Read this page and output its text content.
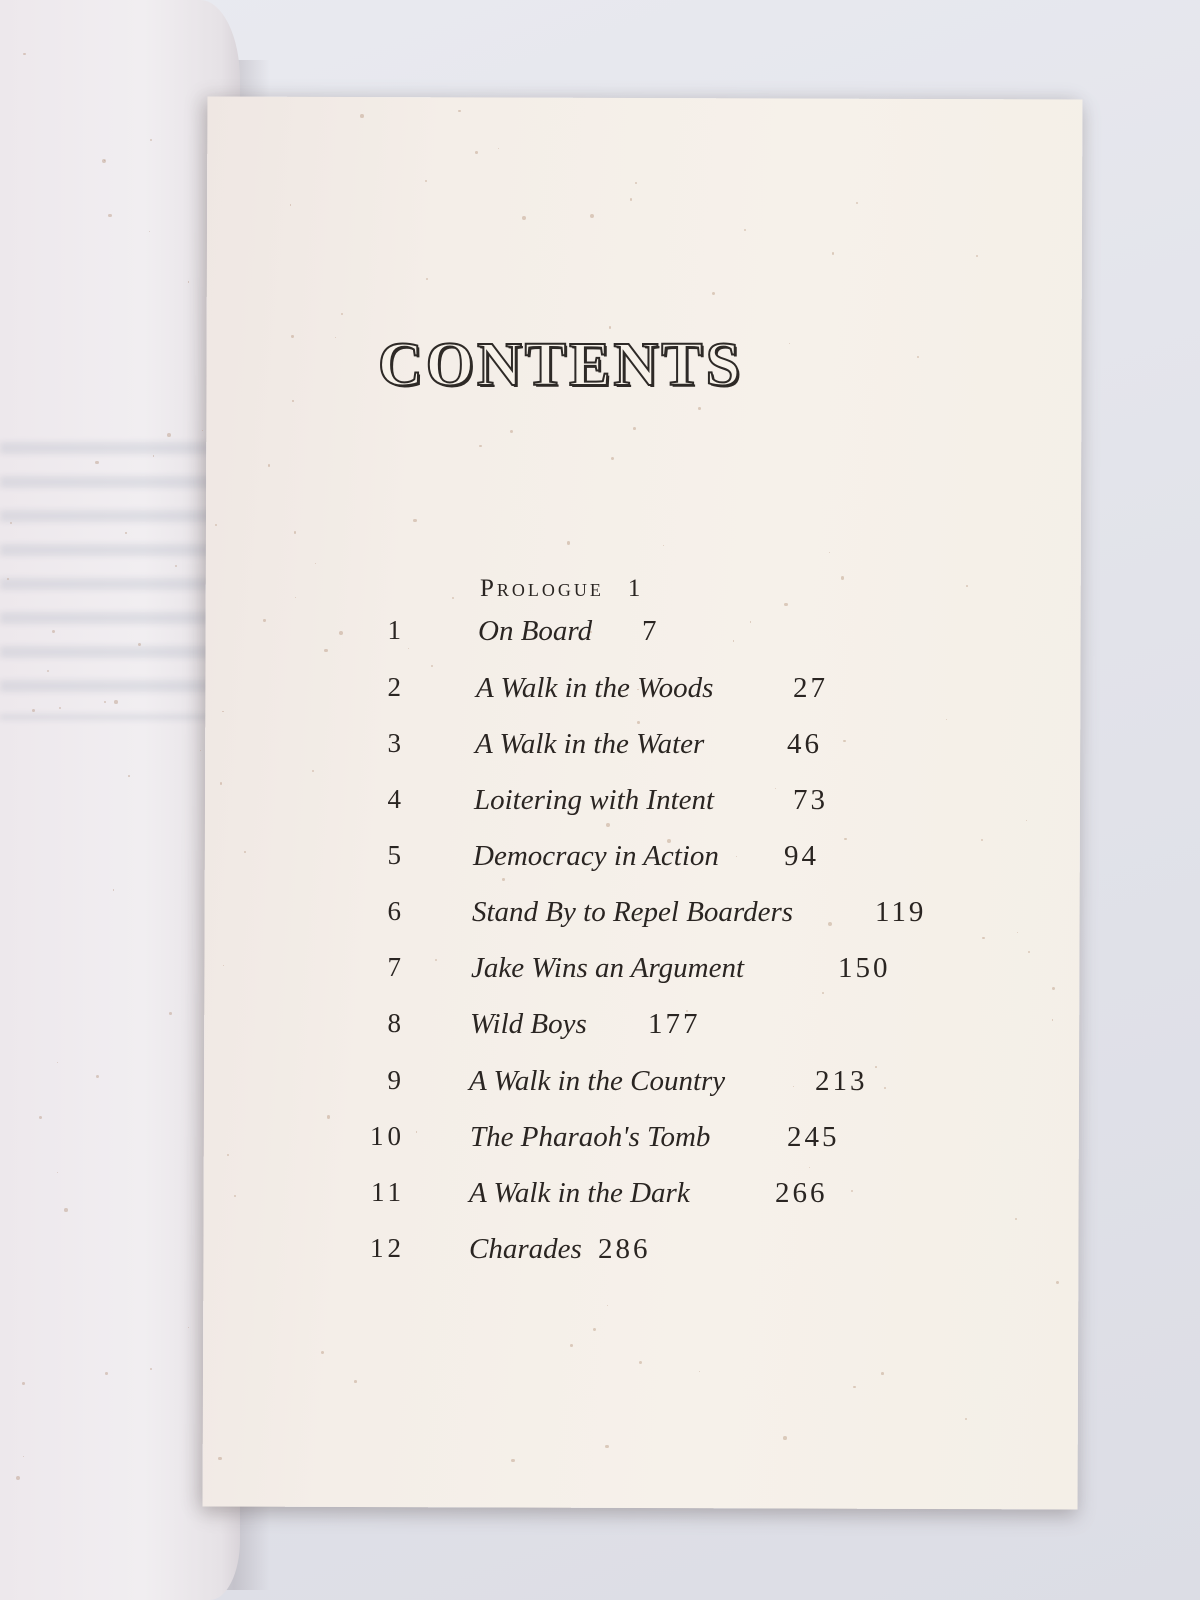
CONTENTS
Prologue 1
1	On Board 7
2 A Walk in the Woods	27
3 A Walk in the Water	46
4 Loitering with Intent	73
5 Democracy in Action 94
6 Stand By to Repel Boarders	119
7 Jake Wins an Argument	150
8 Wild Boys 177
9 A Walk in the Country	213
10 The Pharaoh's Tomb	245
11 A Walk in the Dark	266
12 Charades 286
